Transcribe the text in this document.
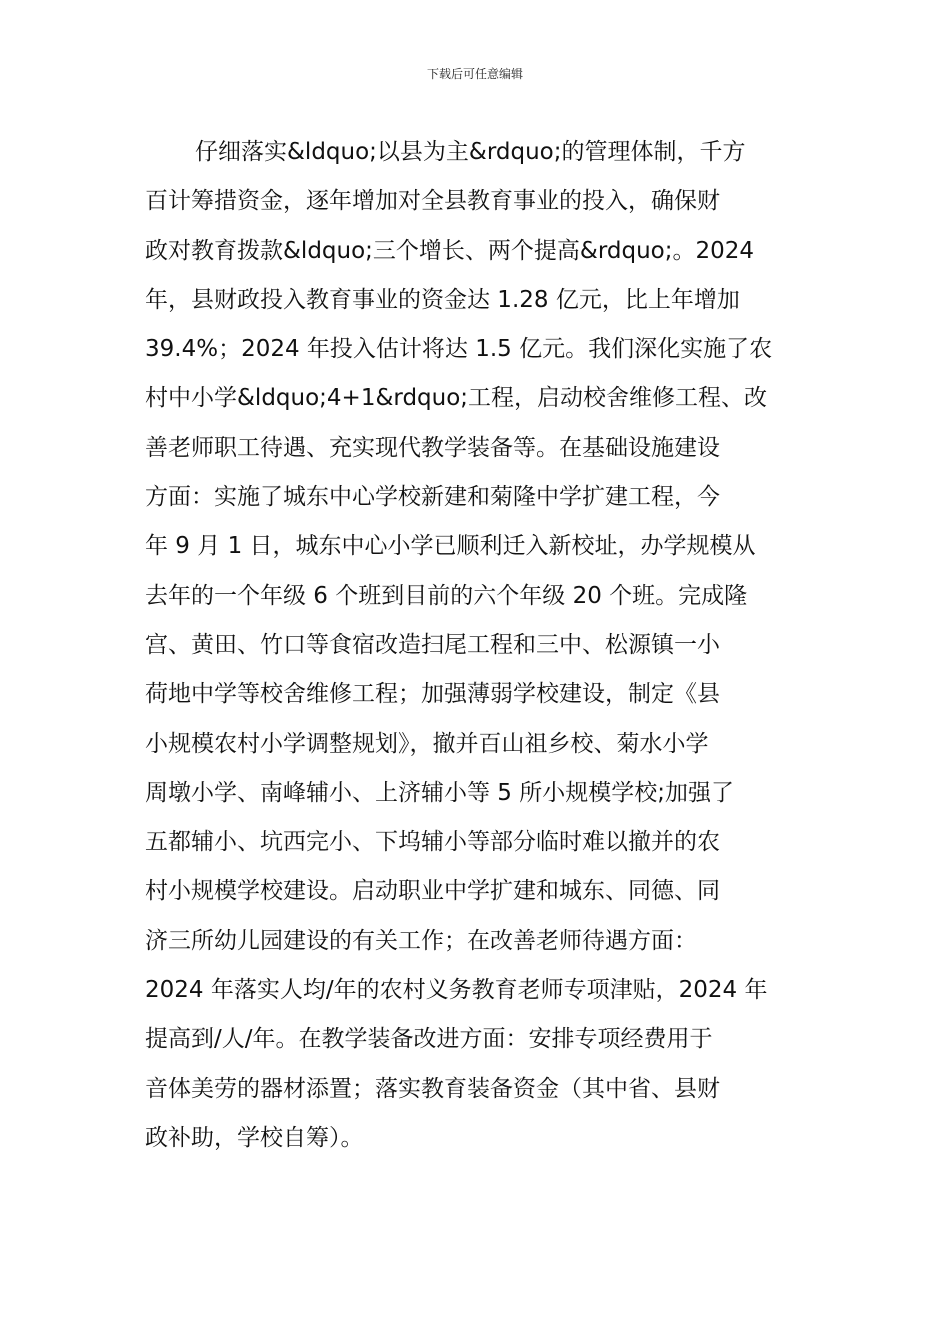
下载后可任意编辑
仔细落实&ldquo;以县为主&rdquo;的管理体制，千方
百计筹措资金，逐年增加对全县教育事业的投入，确保财
政对教育拨款&ldquo;三个增长、两个提高&rdquo;。2024
年，县财政投入教育事业的资金达 1.28 亿元，比上年增加
39.4%；2024 年投入估计将达 1.5 亿元。我们深化实施了农
村中小学&ldquo;4+1&rdquo;工程，启动校舍维修工程、改
善老师职工待遇、充实现代教学装备等。在基础设施建设
方面：实施了城东中心学校新建和菊隆中学扩建工程，今
年 9 月 1 日，城东中心小学已顺利迁入新校址，办学规模从
去年的一个年级 6 个班到目前的六个年级 20 个班。完成隆
宫、黄田、竹口等食宿改造扫尾工程和三中、松源镇一小
荷地中学等校舍维修工程；加强薄弱学校建设，制定《县
小规模农村小学调整规划》，撤并百山祖乡校、菊水小学
周墩小学、南峰辅小、上济辅小等 5 所小规模学校;加强了
五都辅小、坑西完小、下坞辅小等部分临时难以撤并的农
村小规模学校建设。启动职业中学扩建和城东、同德、同
济三所幼儿园建设的有关工作；在改善老师待遇方面：
2024 年落实人均/年的农村义务教育老师专项津贴，2024 年
提高到/人/年。在教学装备改进方面：安排专项经费用于
音体美劳的器材添置；落实教育装备资金（其中省、县财
政补助，学校自筹）。
